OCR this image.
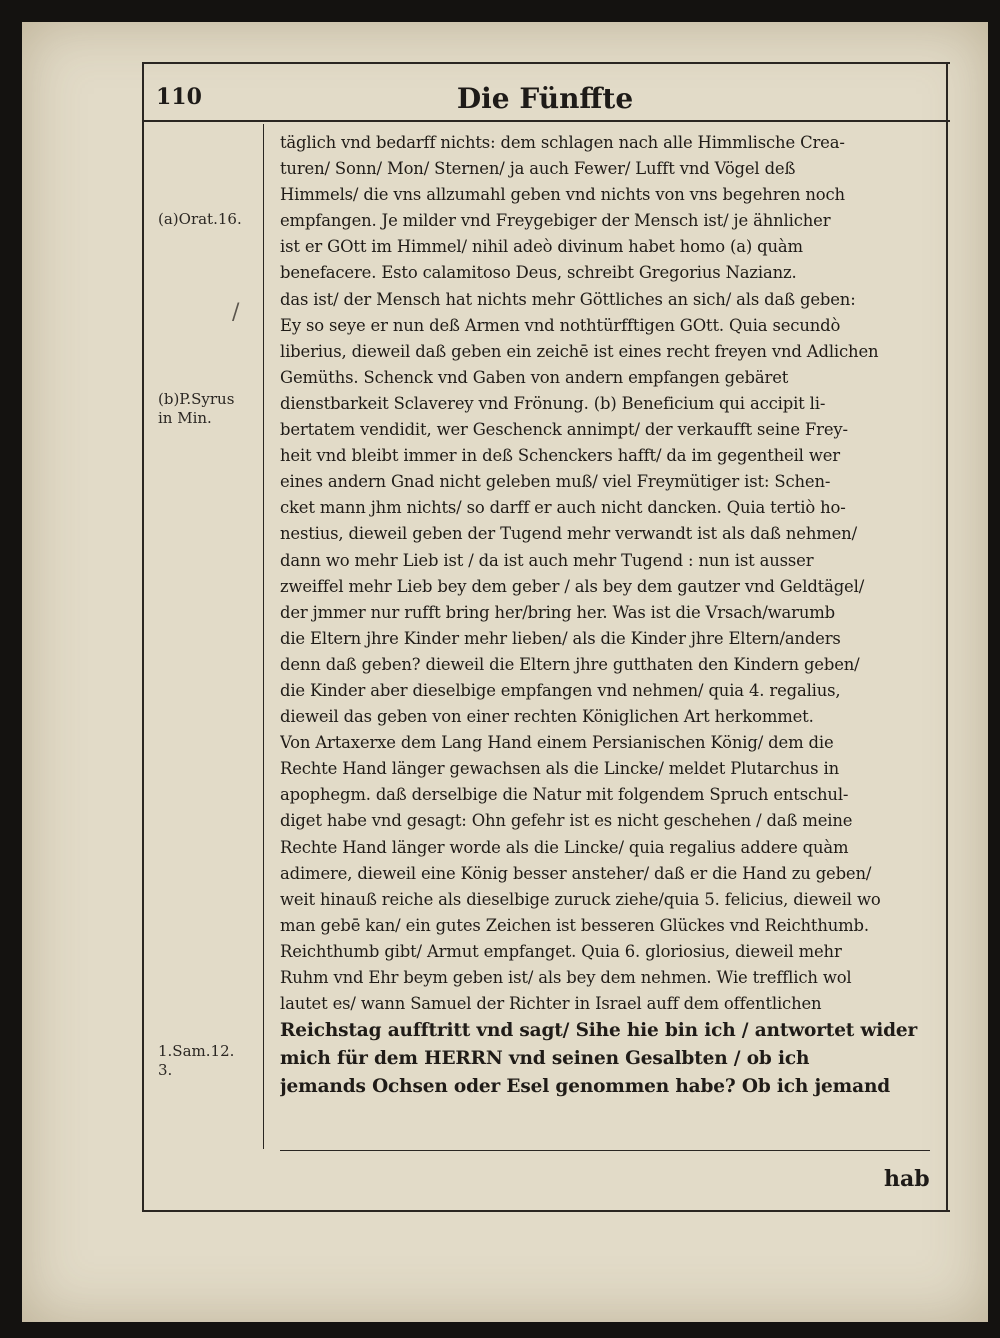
110	Die Fünffte
(a)Orat.16.
(b)P.Syrus
in Min.
1.Sam.12.
3.
/
täglich vnd bedarff nichts: dem schlagen nach alle Himmlische Crea-
turen/ Sonn/ Mon/ Sternen/ ja auch Fewer/ Lufft vnd Vögel deß
Himmels/ die vns allzumahl geben vnd nichts von vns begehren noch
empfangen. Je milder vnd Freygebiger der Mensch ist/ je ähnlicher
ist er GOtt im Himmel/ nihil adeò divinum habet homo (a) quàm
benefacere. Esto calamitoso Deus, schreibt Gregorius Nazianz.
das ist/ der Mensch hat nichts mehr Göttliches an sich/ als daß geben:
Ey so seye er nun deß Armen vnd nothtürfftigen GOtt. Quia secundò
liberius, dieweil daß geben ein zeichē ist eines recht freyen vnd Adlichen
Gemüths. Schenck vnd Gaben von andern empfangen gebäret
dienstbarkeit Sclaverey vnd Frönung. (b) Beneficium qui accipit li-
bertatem vendidit, wer Geschenck annimpt/ der verkaufft seine Frey-
heit vnd bleibt immer in deß Schenckers hafft/ da im gegentheil wer
eines andern Gnad nicht geleben muß/ viel Freymütiger ist: Schen-
cket mann jhm nichts/ so darff er auch nicht dancken. Quia tertiò ho-
nestius, dieweil geben der Tugend mehr verwandt ist als daß nehmen/
dann wo mehr Lieb ist / da ist auch mehr Tugend : nun ist ausser
zweiffel mehr Lieb bey dem geber / als bey dem gautzer vnd Geldtägel/
der jmmer nur rufft bring her/bring her. Was ist die Vrsach/warumb
die Eltern jhre Kinder mehr lieben/ als die Kinder jhre Eltern/anders
denn daß geben? dieweil die Eltern jhre gutthaten den Kindern geben/
die Kinder aber dieselbige empfangen vnd nehmen/ quia 4. regalius,
dieweil das geben von einer rechten Königlichen Art herkommet.
Von Artaxerxe dem Lang Hand einem Persianischen König/ dem die
Rechte Hand länger gewachsen als die Lincke/ meldet Plutarchus in
apophegm. daß derselbige die Natur mit folgendem Spruch entschul-
diget habe vnd gesagt: Ohn gefehr ist es nicht geschehen / daß meine
Rechte Hand länger worde als die Lincke/ quia regalius addere quàm
adimere, dieweil eine König besser ansteher/ daß er die Hand zu geben/
weit hinauß reiche als dieselbige zuruck ziehe/quia 5. felicius, dieweil wo
man gebē kan/ ein gutes Zeichen ist besseren Glückes vnd Reichthumb.
Reichthumb gibt/ Armut empfanget. Quia 6. gloriosius, dieweil mehr
Ruhm vnd Ehr beym geben ist/ als bey dem nehmen. Wie trefflich wol
lautet es/ wann Samuel der Richter in Israel auff dem offentlichen
Reichstag aufftritt vnd sagt/ Sihe hie bin ich / antwortet wider
mich für dem HERRN vnd seinen Gesalbten / ob ich
jemands Ochsen oder Esel genommen habe? Ob ich jemand
hab
